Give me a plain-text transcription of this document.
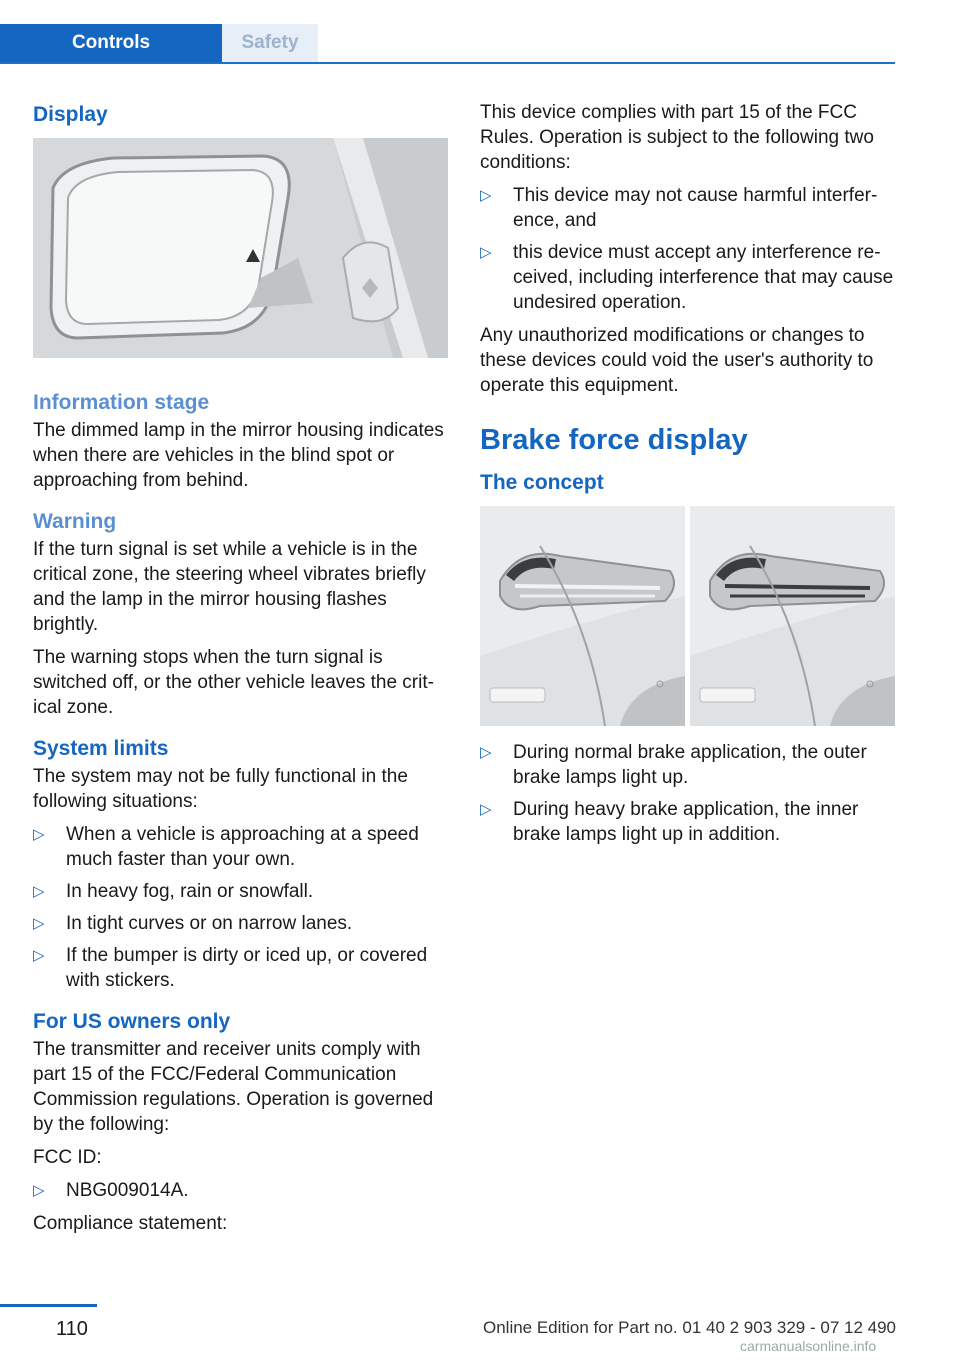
Controls	Safety
Display
Information stage

The dimmed lamp in the mirror housing indicates when there are vehicles in the blind spot or approaching from behind.

Warning

If the turn signal is set while a vehicle is in the critical zone, the steering wheel vibrates briefly and the lamp in the mirror housing flashes brightly.

The warning stops when the turn signal is switched off, or the other vehicle leaves the critical zone.

System limits

The system may not be fully functional in the following situations:

▷ When a vehicle is approaching at a speed much faster than your own.
▷ In heavy fog, rain or snowfall.
▷ In tight curves or on narrow lanes.
▷ If the bumper is dirty or iced up, or covered with stickers.
For US owners only

The transmitter and receiver units comply with part 15 of the FCC/Federal Communication Commission regulations. Operation is governed by the following:

FCC ID:

▷ NBG009014A.

Compliance statement:

This device complies with part 15 of the FCC Rules. Operation is subject to the following two conditions:

▷ This device may not cause harmful interference, and
▷ this device must accept any interference received, including interference that may cause undesired operation.

Any unauthorized modifications or changes to these devices could void the user's authority to operate this equipment.

Brake force display
The concept
▷ During normal brake application, the outer brake lamps light up.
▷ During heavy brake application, the inner brake lamps light up in addition.
110	Online Edition for Part no. 01 40 2 903 329 - 07 12 490
carmanualsonline.info
